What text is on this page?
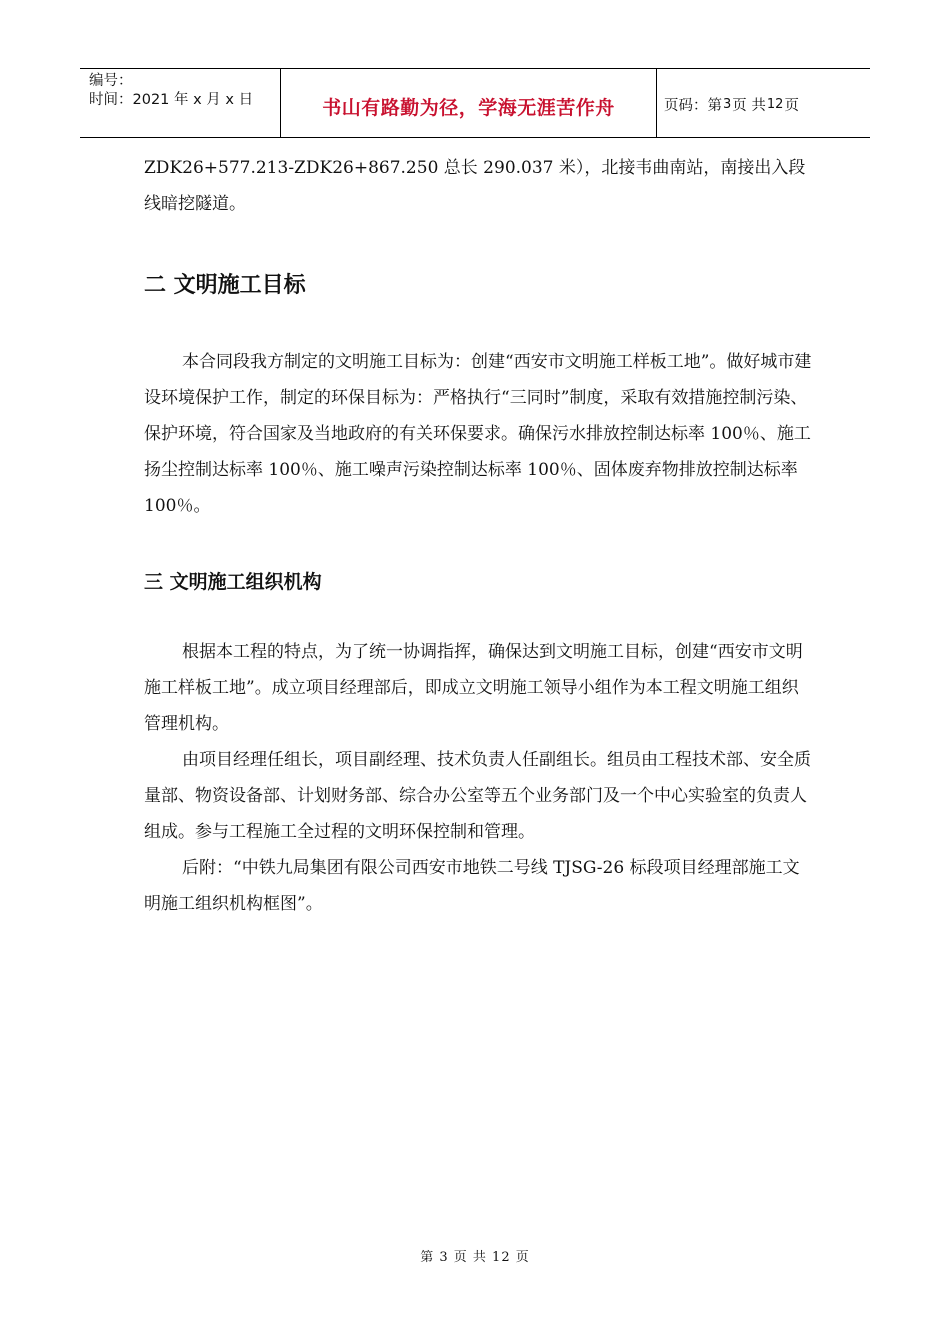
编号：
时间：2021 年 x 月 x 日	书山有路勤为径，学海无涯苦作舟	页码：第 3 页 共 12 页

ZDK26+577.213-ZDK26+867.250 总长 290.037 米），北接韦曲南站，南接出入段

线暗挖隧道。

二 文明施工目标

本合同段我方制定的文明施工目标为：创建“西安市文明施工样板工地”。做好城市建设环境保护工作，制定的环保目标为：严格执行“三同时”制度，采取有效措施控制污染、保护环境，符合国家及当地政府的有关环保要求。确保污水排放控制达标率 100％、施工扬尘控制达标率 100％、施工噪声污染控制达标率 100％、固体废弃物排放控制达标率 100％。

三 文明施工组织机构

根据本工程的特点，为了统一协调指挥，确保达到文明施工目标，创建“西安市文明施工样板工地”。成立项目经理部后，即成立文明施工领导小组作为本工程文明施工组织管理机构。

由项目经理任组长，项目副经理、技术负责人任副组长。组员由工程技术部、安全质量部、物资设备部、计划财务部、综合办公室等五个业务部门及一个中心实验室的负责人组成。参与工程施工全过程的文明环保控制和管理。

后附：“中铁九局集团有限公司西安市地铁二号线 TJSG-26 标段项目经理部施工文明施工组织机构框图”。

第 3 页 共 12 页
